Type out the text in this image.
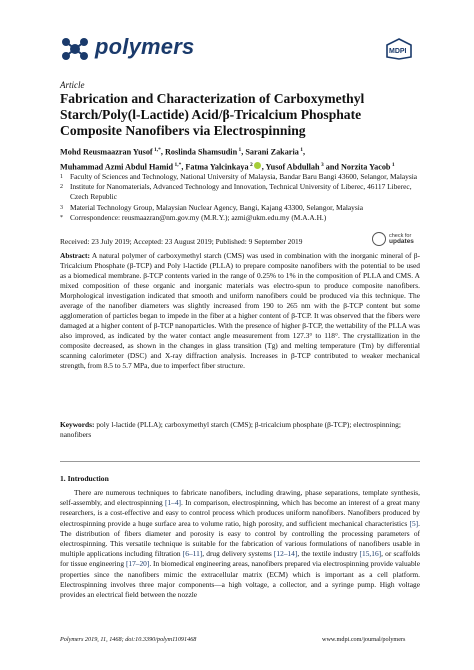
polymers	MDPI
Article
Fabrication and Characterization of Carboxymethyl Starch/Poly(l-Lactide) Acid/β-Tricalcium Phosphate Composite Nanofibers via Electrospinning
Mohd Reusmaazran Yusof $^{1,*}$, Roslinda Shamsudin $^1$, Sarani Zakaria $^1$,
Muhammad Azmi Abdul Hamid $^{1,*}$, Fatma Yalcinkaya $^2$ , Yusof Abdullah $^3$ and Norzita Yacob $^1$
1 Faculty of Sciences and Technology, National University of Malaysia, Bandar Baru Bangi 43600, Selangor, Malaysia
2 Institute for Nanomaterials, Advanced Technology and Innovation, Technical University of Liberec, 46117 Liberec, Czech Republic
3 Material Technology Group, Malaysian Nuclear Agency, Bangi, Kajang 43300, Selangor, Malaysia
* Correspondence: reusmaazran@nm.gov.my (M.R.Y.); azmi@ukm.edu.my (M.A.A.H.)
Received: 23 July 2019; Accepted: 23 August 2019; Published: 9 September 2019
check for
updates
Abstract: A natural polymer of carboxymethyl starch (CMS) was used in combination with the inorganic mineral of β-Tricalcium Phosphate (β-TCP) and Poly l-lactide (PLLA) to prepare composite nanofibers with the potential to be used as a biomedical membrane. β-TCP contents varied in the range of 0.25% to 1% in the composition of PLLA and CMS. A mixed composition of these organic and inorganic materials was electro-spun to produce composite nanofibers. Morphological investigation indicated that smooth and uniform nanofibers could be produced via this technique. The average of the nanofiber diameters was slightly increased from 190 to 265 nm with the β-TCP content but some agglomeration of particles began to impede in the fiber at a higher content of β-TCP. It was observed that the fibers were damaged at a higher content of β-TCP nanoparticles. With the presence of higher β-TCP, the wettability of the PLLA was also improved, as indicated by the water contact angle measurement from 127.3° to 118°. The crystallization in the composite decreased, as shown in the changes in glass transition (Tg) and melting temperature (Tm) by differential scanning calorimeter (DSC) and X-ray diffraction analysis. Increases in β-TCP contributed to weaker mechanical strength, from 8.5 to 5.7 MPa, due to imperfect fiber structure.
Keywords: poly l-lactide (PLLA); carboxymethyl starch (CMS); β-tricalcium phosphate (β-TCP); electrospinning; nanofibers
1. Introduction
There are numerous techniques to fabricate nanofibers, including drawing, phase separations, template synthesis, self-assembly, and electrospinning [1–4]. In comparison, electrospinning, which has become an interest of a great many researchers, is a cost-effective and easy to control process which produces uniform nanofibers. Nanofibers produced by electrospinning provide a huge surface area to volume ratio, high porosity, and sufficient mechanical characteristics [5]. The distribution of fibers diameter and porosity is easy to control by controlling the processing parameters of electrospinning. This versatile technique is suitable for the fabrication of various formulations of nanofibers usable in multiple applications including filtration [6–11], drug delivery systems [12–14], the textile industry [15,16], or scaffolds for tissue engineering [17–20]. In biomedical engineering areas, nanofibers prepared via electrospinning provide valuable properties since the nanofibers mimic the extracellular matrix (ECM) which is important as a cell platform. Electrospinning involves three major components—a high voltage, a collector, and a syringe pump. High voltage provides an electrical field between the nozzle
Polymers 2019, 11, 1468; doi:10.3390/polym11091468	www.mdpi.com/journal/polymers
